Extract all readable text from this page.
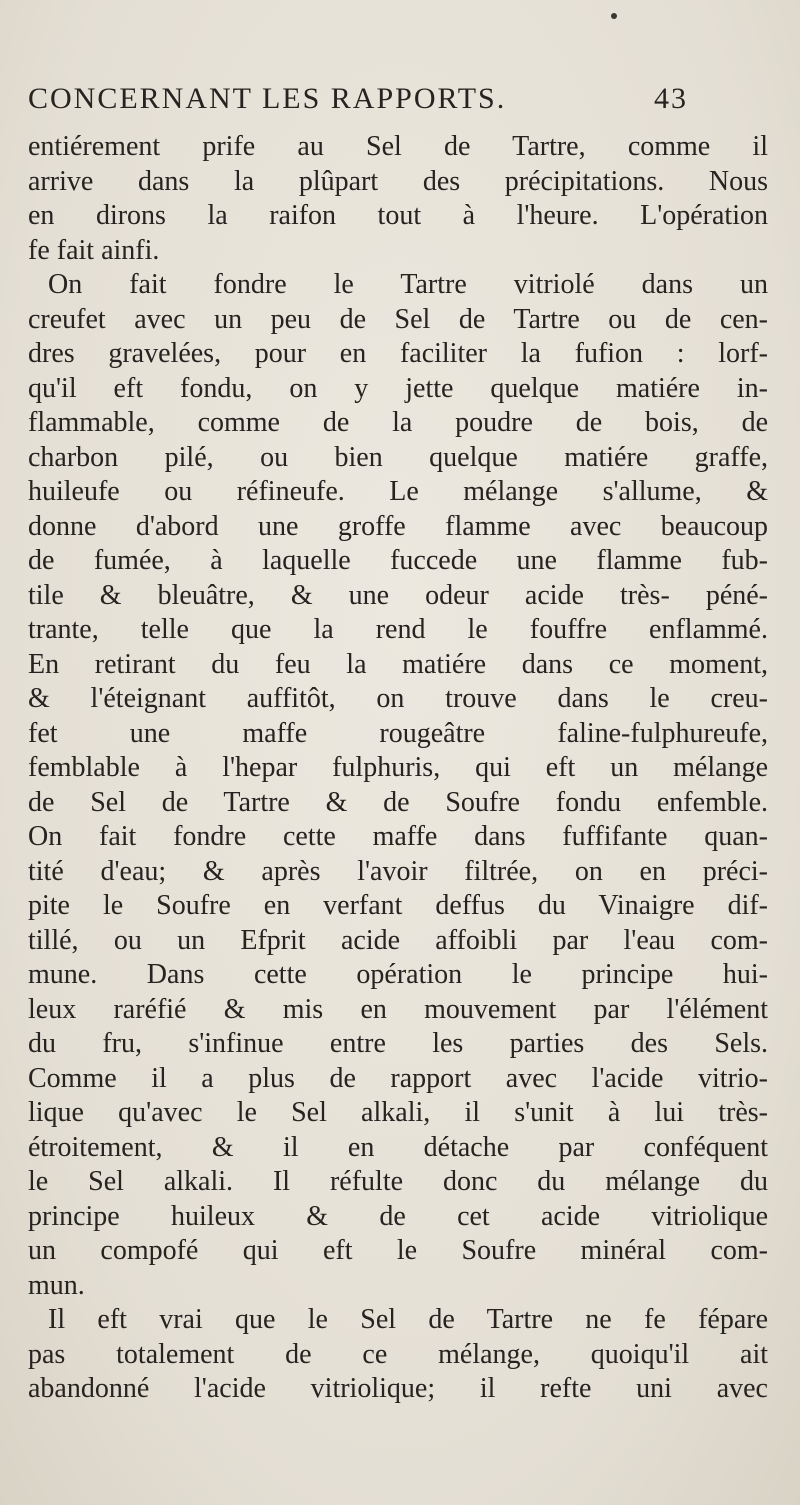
CONCERNANT LES RAPPORTS.	43
entiérement prife au Sel de Tartre, comme il
arrive dans la plûpart des précipitations. Nous
en dirons la raifon tout à l'heure. L'opération
fe fait ainfi.
On fait fondre le Tartre vitriolé dans un
creufet avec un peu de Sel de Tartre ou de cen-
dres gravelées, pour en faciliter la fufion : lorf-
qu'il eft fondu, on y jette quelque matiére in-
flammable, comme de la poudre de bois, de
charbon pilé, ou bien quelque matiére graffe,
huileufe ou réfineufe. Le mélange s'allume, &
donne d'abord une groffe flamme avec beaucoup
de fumée, à laquelle fuccede une flamme fub-
tile & bleuâtre, & une odeur acide très- péné-
trante, telle que la rend le fouffre enflammé.
En retirant du feu la matiére dans ce moment,
& l'éteignant auffitôt, on trouve dans le creu-
fet une maffe rougeâtre faline-fulphureufe,
femblable à l'hepar fulphuris, qui eft un mélange
de Sel de Tartre & de Soufre fondu enfemble.
On fait fondre cette maffe dans fuffifante quan-
tité d'eau; & après l'avoir filtrée, on en préci-
pite le Soufre en verfant deffus du Vinaigre dif-
tillé, ou un Efprit acide affoibli par l'eau com-
mune. Dans cette opération le principe hui-
leux raréfié & mis en mouvement par l'élément
du fru, s'infinue entre les parties des Sels.
Comme il a plus de rapport avec l'acide vitrio-
lique qu'avec le Sel alkali, il s'unit à lui très-
étroitement, & il en détache par conféquent
le Sel alkali. Il réfulte donc du mélange du
principe huileux & de cet acide vitriolique
un compofé qui eft le Soufre minéral com-
mun.
Il eft vrai que le Sel de Tartre ne fe fépare
pas totalement de ce mélange, quoiqu'il ait
abandonné l'acide vitriolique; il refte uni avec
